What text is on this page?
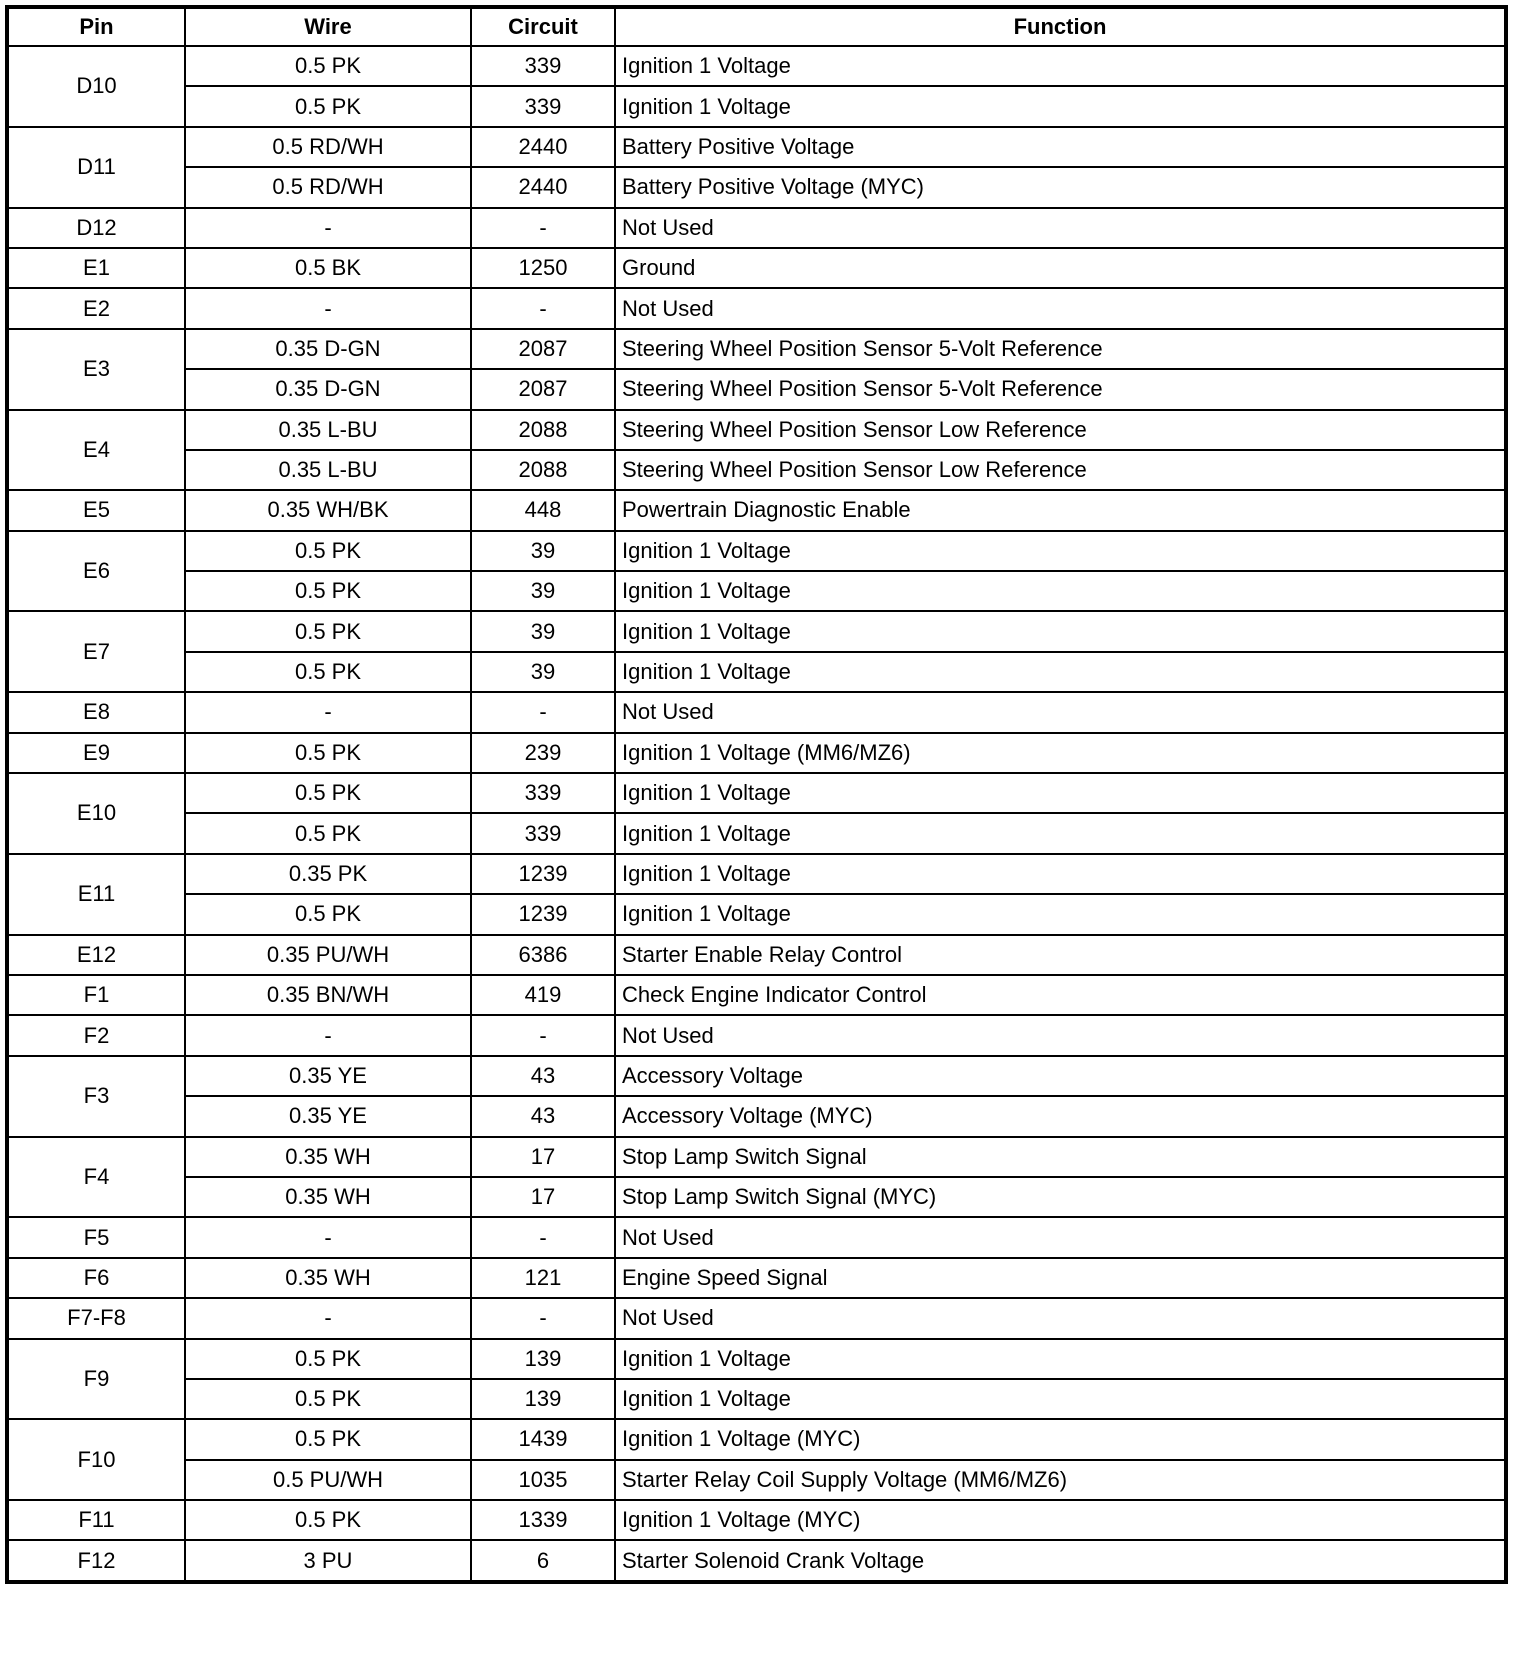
Pin	Wire	Circuit	Function
D10	0.5 PK	339	Ignition 1 Voltage
	0.5 PK	339	Ignition 1 Voltage
D11	0.5 RD/WH	2440	Battery Positive Voltage
	0.5 RD/WH	2440	Battery Positive Voltage (MYC)
D12	-	-	Not Used
E1	0.5 BK	1250	Ground
E2	-	-	Not Used
E3	0.35 D-GN	2087	Steering Wheel Position Sensor 5-Volt Reference
	0.35 D-GN	2087	Steering Wheel Position Sensor 5-Volt Reference
E4	0.35 L-BU	2088	Steering Wheel Position Sensor Low Reference
	0.35 L-BU	2088	Steering Wheel Position Sensor Low Reference
E5	0.35 WH/BK	448	Powertrain Diagnostic Enable
E6	0.5 PK	39	Ignition 1 Voltage
	0.5 PK	39	Ignition 1 Voltage
E7	0.5 PK	39	Ignition 1 Voltage
	0.5 PK	39	Ignition 1 Voltage
E8	-	-	Not Used
E9	0.5 PK	239	Ignition 1 Voltage (MM6/MZ6)
E10	0.5 PK	339	Ignition 1 Voltage
	0.5 PK	339	Ignition 1 Voltage
E11	0.35 PK	1239	Ignition 1 Voltage
	0.5 PK	1239	Ignition 1 Voltage
E12	0.35 PU/WH	6386	Starter Enable Relay Control
F1	0.35 BN/WH	419	Check Engine Indicator Control
F2	-	-	Not Used
F3	0.35 YE	43	Accessory Voltage
	0.35 YE	43	Accessory Voltage (MYC)
F4	0.35 WH	17	Stop Lamp Switch Signal
	0.35 WH	17	Stop Lamp Switch Signal (MYC)
F5	-	-	Not Used
F6	0.35 WH	121	Engine Speed Signal
F7-F8	-	-	Not Used
F9	0.5 PK	139	Ignition 1 Voltage
	0.5 PK	139	Ignition 1 Voltage
F10	0.5 PK	1439	Ignition 1 Voltage (MYC)
	0.5 PU/WH	1035	Starter Relay Coil Supply Voltage (MM6/MZ6)
F11	0.5 PK	1339	Ignition 1 Voltage (MYC)
F12	3 PU	6	Starter Solenoid Crank Voltage
